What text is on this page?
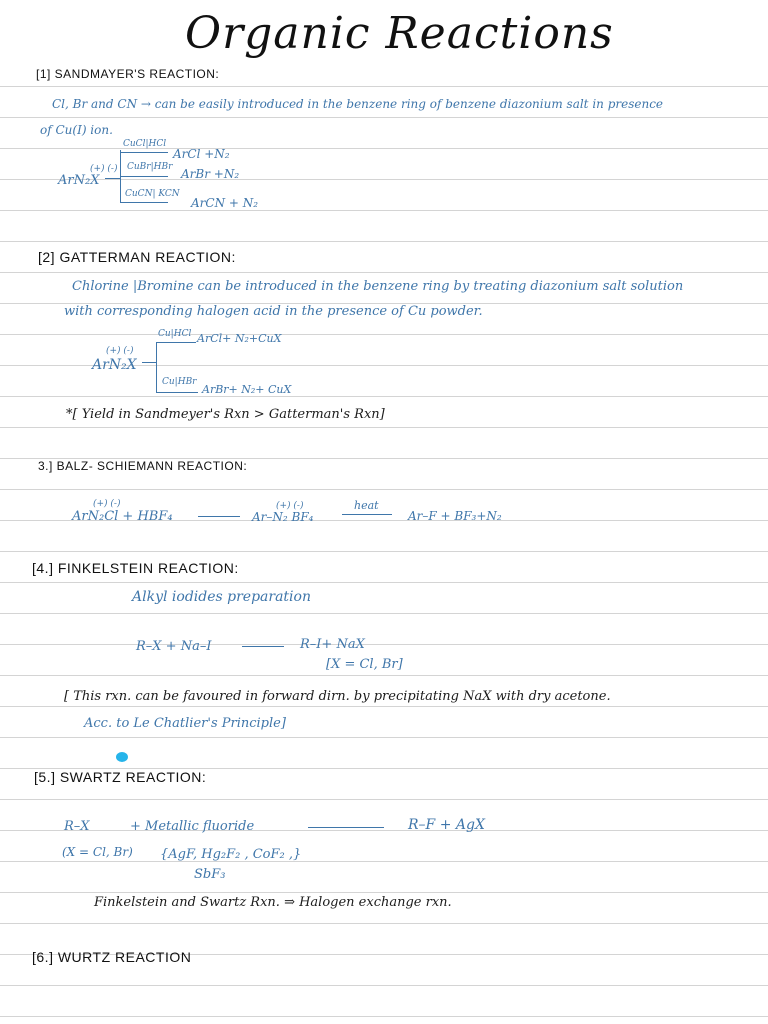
Organic Reactions
[1] SANDMAYER'S REACTION:
Cl, Br and CN → can be easily introduced in the benzene ring of benzene diazonium salt in presence
of Cu(I) ion.
(+) (-)
ArN₂X
CuCl|HCl
ArCl +N₂
CuBr|HBr ArBr +N₂
CuCN| KCN
ArCN + N₂
[2] GATTERMAN REACTION:
Chlorine |Bromine can be introduced in the benzene ring by treating diazonium salt solution
with corresponding halogen acid in the presence of Cu powder.
(+) (-)
ArN₂X
Cu|HCl ArCl+ N₂+CuX
Cu|HBr
ArBr+ N₂+ CuX
*[ Yield in Sandmeyer's Rxn > Gatterman's Rxn]
3.] BALZ- SCHIEMANN REACTION:
(+) (-)
ArN₂Cl + HBF₄
(+) (-)
Ar–N₂ BF₄
heat
Ar–F + BF₃+N₂
[4.] FINKELSTEIN REACTION:
Alkyl iodides preparation
R–X + Na–I	R–I+ NaX
[X = Cl, Br]
[ This rxn. can be favoured in forward dirn. by precipitating NaX with dry acetone.
Acc. to Le Chatlier's Principle]
[5.] SWARTZ REACTION:
R–X	+ Metallic fluoride	R–F + AgX
(X = Cl, Br) {AgF, Hg₂F₂ , CoF₂ ,}
SbF₃
Finkelstein and Swartz Rxn. ⇒ Halogen exchange rxn.
[6.] WURTZ REACTION
